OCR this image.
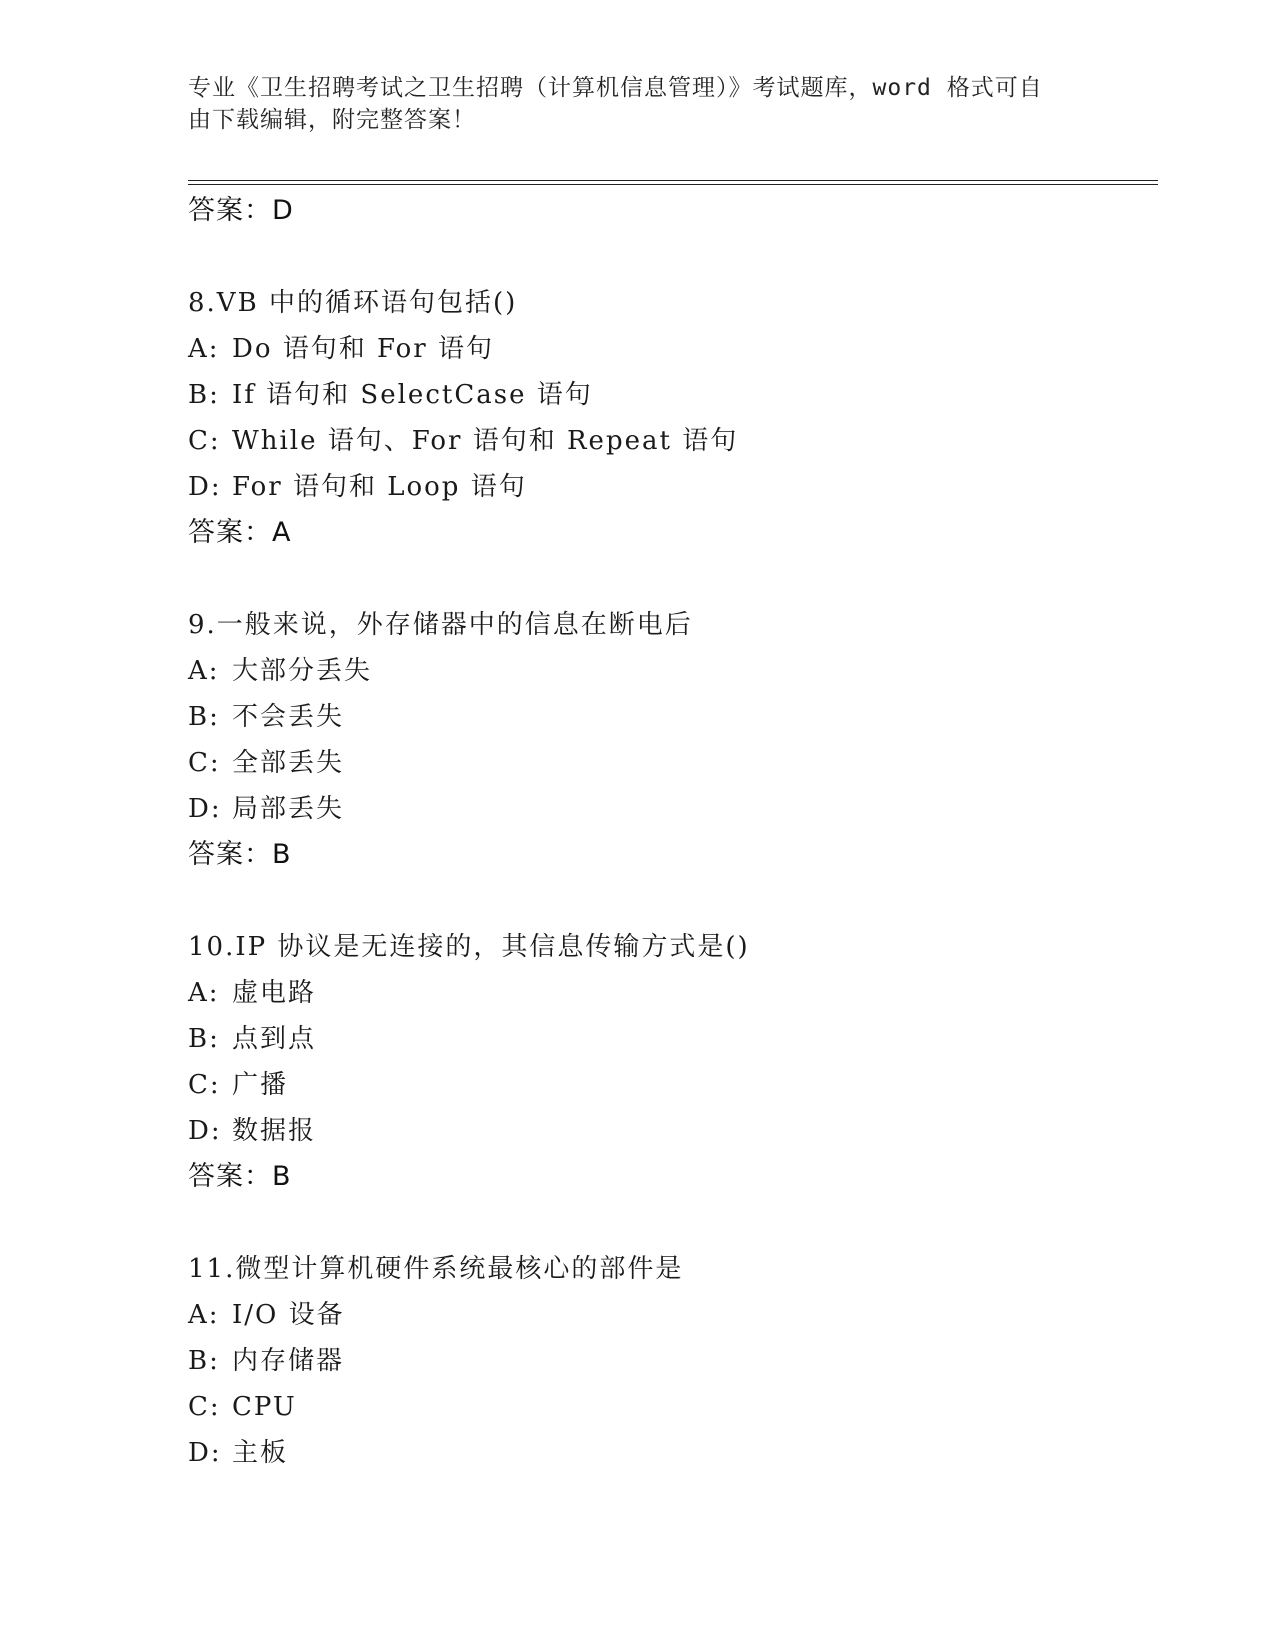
专业《卫生招聘考试之卫生招聘（计算机信息管理）》考试题库，word 格式可自
由下载编辑，附完整答案！
答案：D
8.VB 中的循环语句包括()
A: Do 语句和 For 语句
B: If 语句和 SelectCase 语句
C: While 语句、For 语句和 Repeat 语句
D: For 语句和 Loop 语句
答案：A
9.一般来说，外存储器中的信息在断电后
A: 大部分丢失
B: 不会丢失
C: 全部丢失
D: 局部丢失
答案：B
10.IP 协议是无连接的，其信息传输方式是()
A: 虚电路
B: 点到点
C: 广播
D: 数据报
答案：B
11.微型计算机硬件系统最核心的部件是
A: I/O 设备
B: 内存储器
C: CPU
D: 主板
